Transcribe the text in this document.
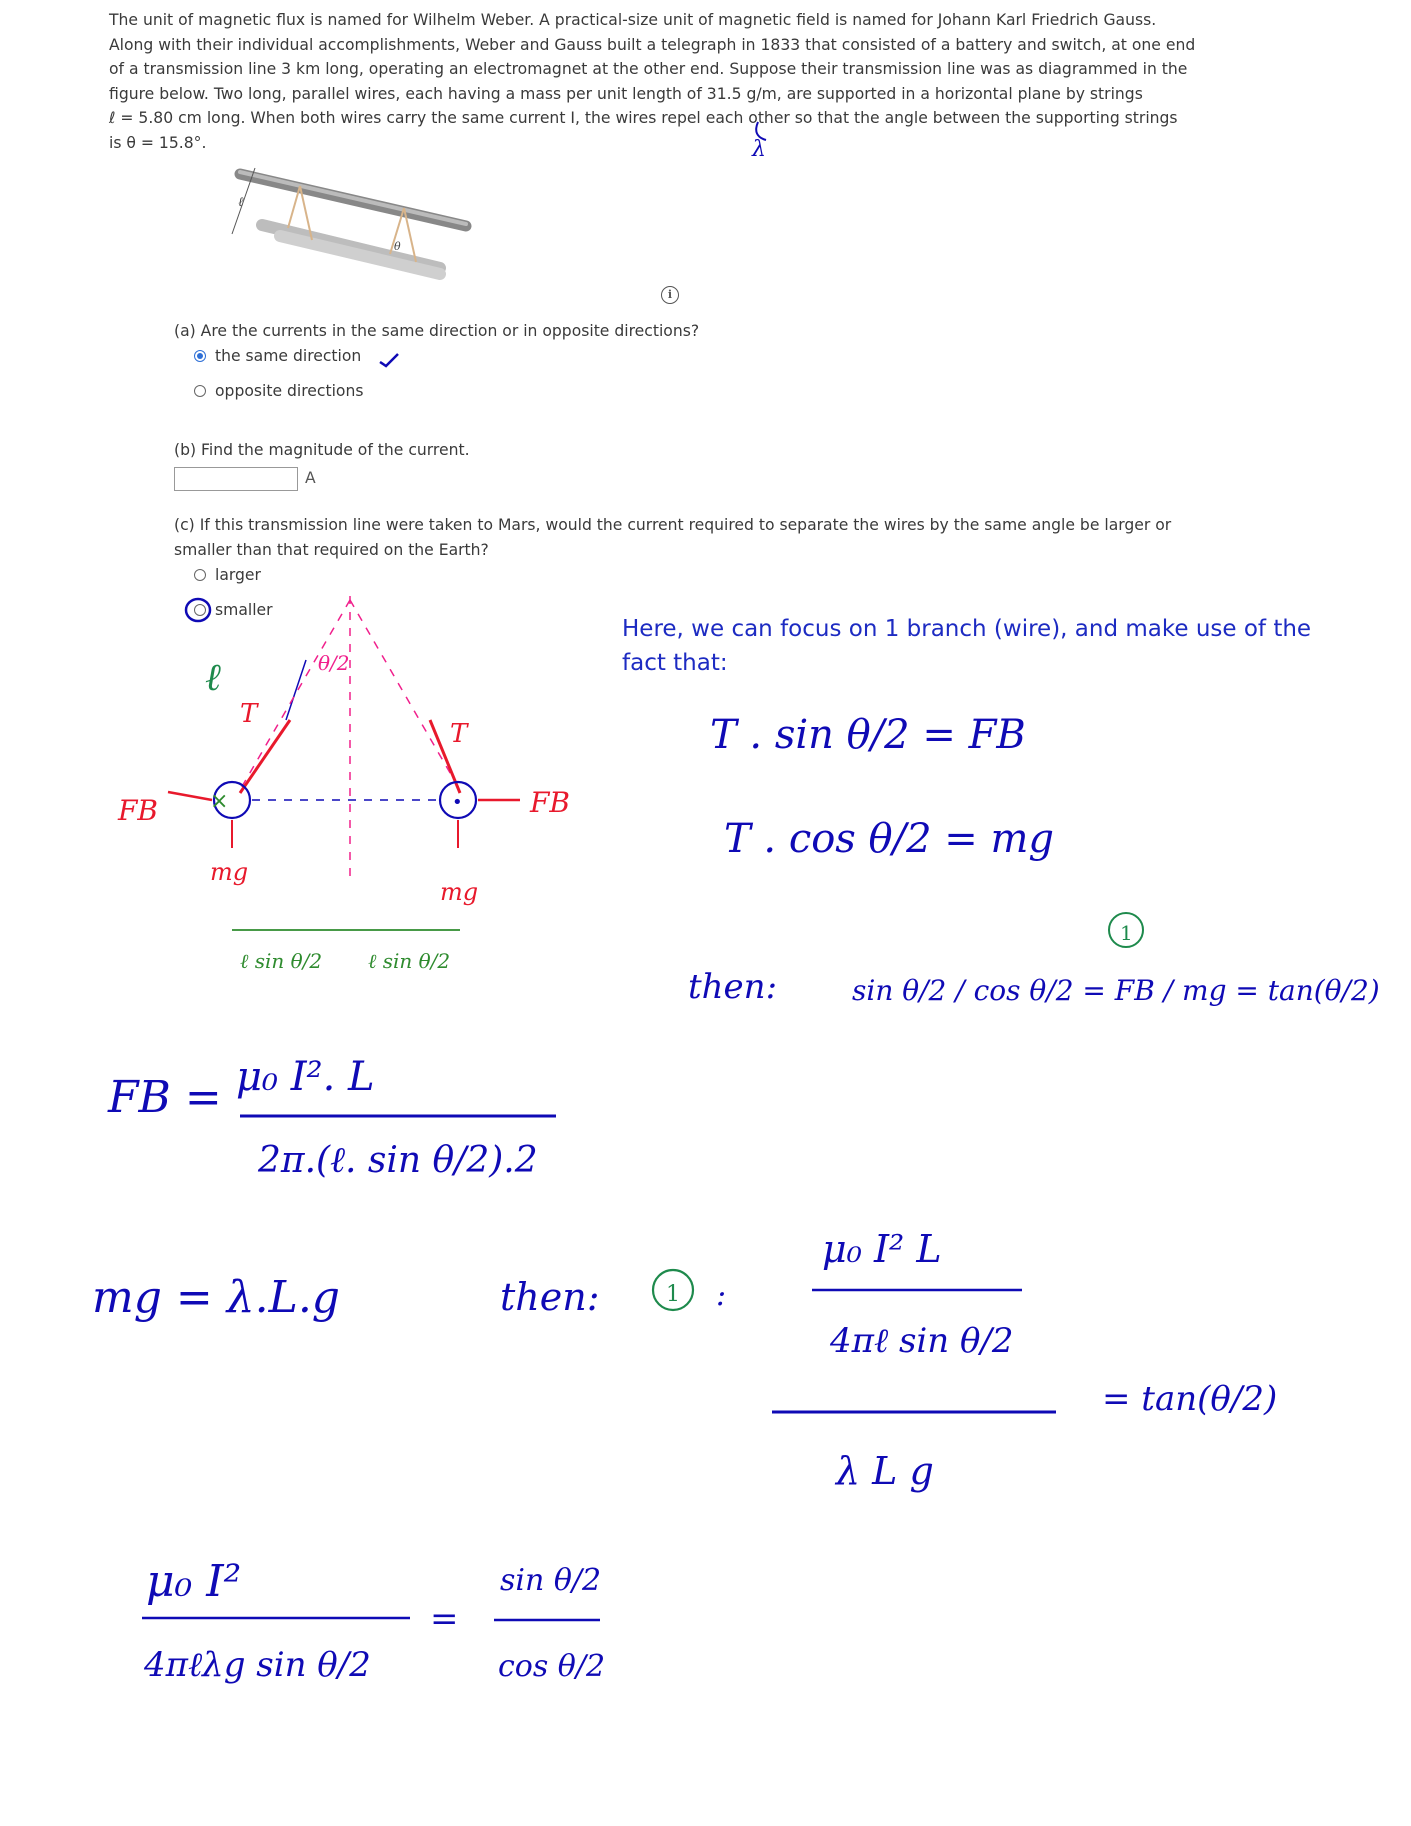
The unit of magnetic flux is named for Wilhelm Weber. A practical-size unit of magnetic field is named for Johann Karl Friedrich Gauss.

Along with their individual accomplishments, Weber and Gauss built a telegraph in 1833 that consisted of a battery and switch, at one end

of a transmission line 3 km long, operating an electromagnet at the other end. Suppose their transmission line was as diagrammed in the

figure below. Two long, parallel wires, each having a mass per unit length of 31.5 g/m, are supported in a horizontal plane by strings

ℓ = 5.80 cm long. When both wires carry the same current I, the wires repel each other so that the angle between the supporting strings

is θ = 15.8°.

ℓ
θ
λ
×	•
ℓ
T
T
FB	FB
mg
mg
θ/2
ℓ sin θ/2 ℓ sin θ/2
T . sin θ/2 = FB
T . cos θ/2 = mg
then:	sin θ/2 / cos θ/2 = FB / mg = tan(θ/2)
1
FB = μ₀ I². L
2π.(ℓ. sin θ/2).2
mg = λ.L.g	then:	1 :
μ₀ I² L
4πℓ sin θ/2
λ L g
= tan(θ/2)
μ₀ I²
4πℓλg sin θ/2
=
sin θ/2
cos θ/2
i
(a) Are the currents in the same direction or in opposite directions?
the same direction
opposite directions
(b) Find the magnitude of the current.
A
(c) If this transmission line were taken to Mars, would the current required to separate the wires by the same angle be larger or
smaller than that required on the Earth?
larger
smaller
Here, we can focus on 1 branch (wire), and make use of the fact that:
